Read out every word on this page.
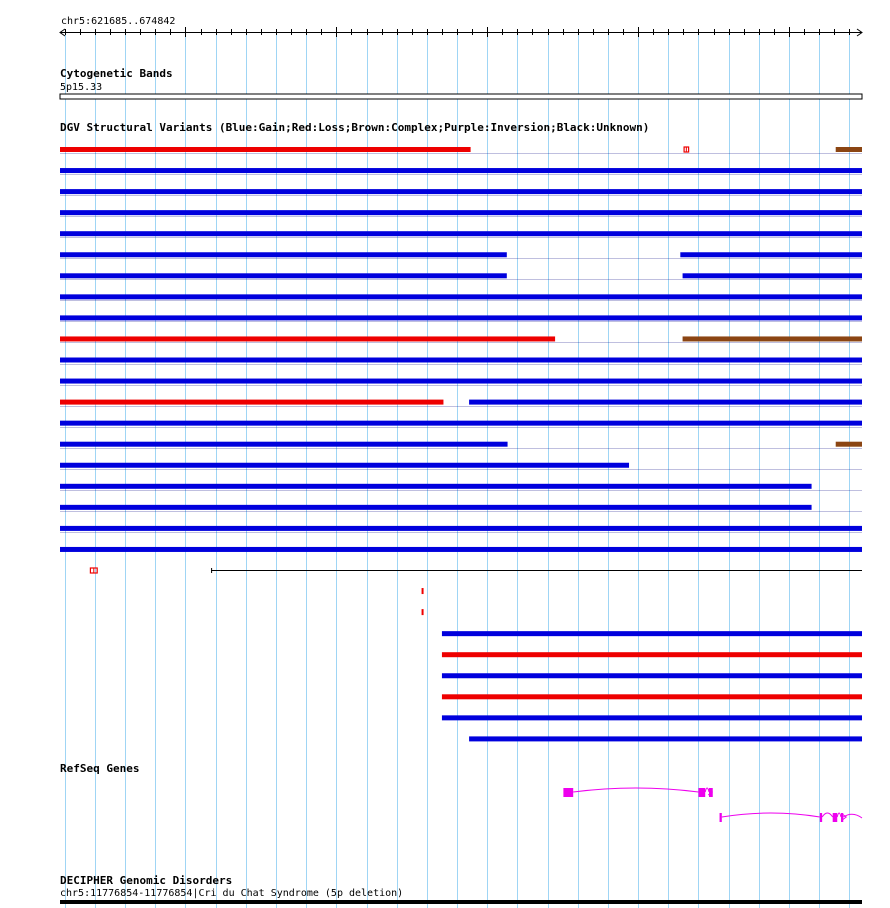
chr5:621685..674842
Cytogenetic Bands
5p15.33
DGV Structural Variants (Blue:Gain;Red:Loss;Brown:Complex;Purple:Inversion;Black:Unknown)
RefSeq Genes
DECIPHER Genomic Disorders
chr5:11776854-11776854|Cri du Chat Syndrome (5p deletion)
